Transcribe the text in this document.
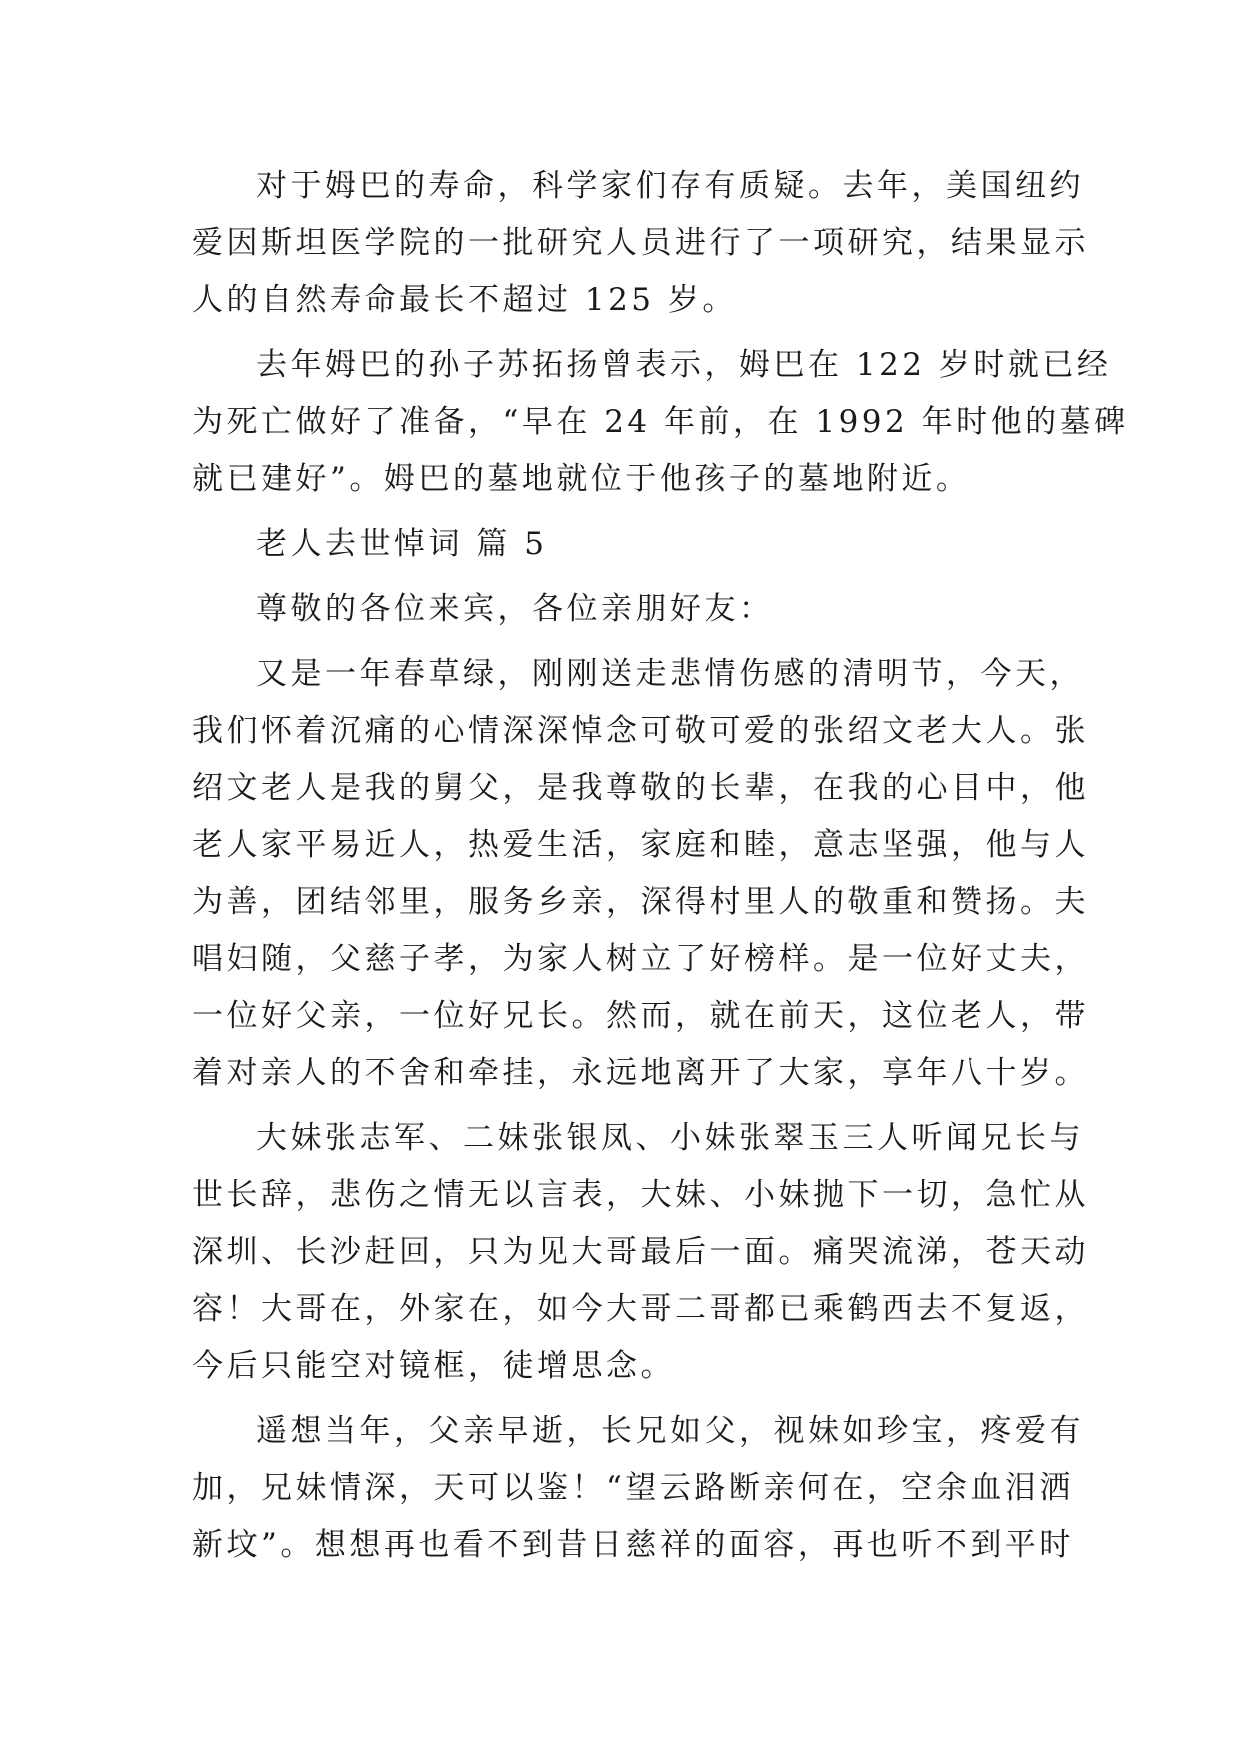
对于姆巴的寿命，科学家们存有质疑。去年，美国纽约
爱因斯坦医学院的一批研究人员进行了一项研究，结果显示
人的自然寿命最长不超过 125 岁。
去年姆巴的孙子苏拓扬曾表示，姆巴在 122 岁时就已经
为死亡做好了准备，“早在 24 年前，在 1992 年时他的墓碑
就已建好”。姆巴的墓地就位于他孩子的墓地附近。
老人去世悼词 篇 5
尊敬的各位来宾，各位亲朋好友：
又是一年春草绿，刚刚送走悲情伤感的清明节，今天，
我们怀着沉痛的心情深深悼念可敬可爱的张绍文老大人。张
绍文老人是我的舅父，是我尊敬的长辈，在我的心目中，他
老人家平易近人，热爱生活，家庭和睦，意志坚强，他与人
为善，团结邻里，服务乡亲，深得村里人的敬重和赞扬。夫
唱妇随，父慈子孝，为家人树立了好榜样。是一位好丈夫，
一位好父亲，一位好兄长。然而，就在前天，这位老人，带
着对亲人的不舍和牵挂，永远地离开了大家，享年八十岁。
大妹张志军、二妹张银凤、小妹张翠玉三人听闻兄长与
世长辞，悲伤之情无以言表，大妹、小妹抛下一切，急忙从
深圳、长沙赶回，只为见大哥最后一面。痛哭流涕，苍天动
容！大哥在，外家在，如今大哥二哥都已乘鹤西去不复返，
今后只能空对镜框，徒增思念。
遥想当年，父亲早逝，长兄如父，视妹如珍宝，疼爱有
加，兄妹情深，天可以鉴！“望云路断亲何在，空余血泪洒
新坟”。想想再也看不到昔日慈祥的面容，再也听不到平时
